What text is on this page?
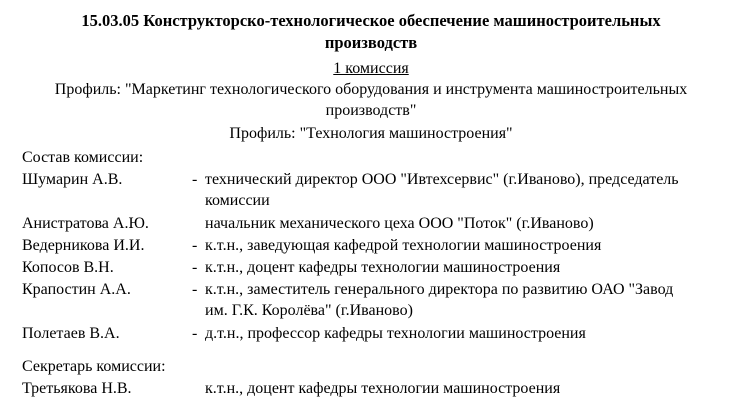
15.03.05 Конструкторско-технологическое обеспечение машиностроительных
производств
1 комиссия
Профиль: "Маркетинг технологического оборудования и инструмента машиностроительных
производств"
Профиль: "Технология машиностроения"
Состав комиссии:
Шумарин А.В.	- технический директор ООО "Ивтехсервис" (г.Иваново), председатель
комиссии
Анистратова А.Ю.	начальник механического цеха ООО "Поток" (г.Иваново)
Ведерникова И.И.	- к.т.н., заведующая кафедрой технологии машиностроения
Копосов В.Н.	- к.т.н., доцент кафедры технологии машиностроения
Крапостин А.А.	- к.т.н., заместитель генерального директора по развитию ОАО "Завод
им. Г.К. Королёва" (г.Иваново)
Полетаев В.А.	- д.т.н., профессор кафедры технологии машиностроения
Секретарь комиссии:
Третьякова Н.В.	к.т.н., доцент кафедры технологии машиностроения
